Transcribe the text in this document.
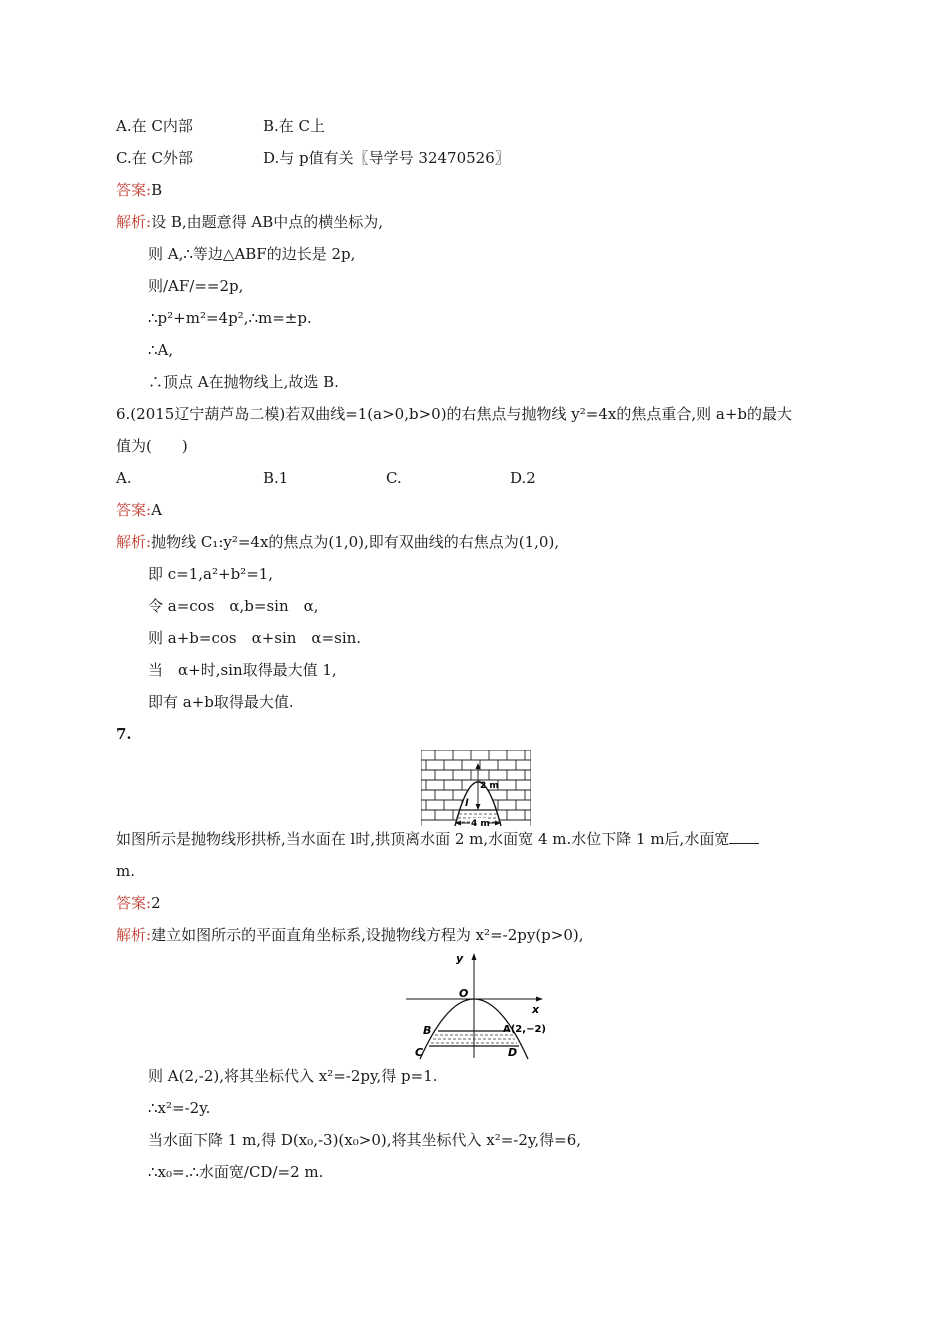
A.在 C内部	B.在 C上
C.在 C外部	D.与 p值有关〖导学号 32470526〗
答案:B
解析:设 B,由题意得 AB中点的横坐标为,
则 A,∴等边△ABF的边长是 2p,
则/AF/==2p,
∴p²+m²=4p²,∴m=±p.
∴A,
∴顶点 A在抛物线上,故选 B.
6.(2015辽宁葫芦岛二模)若双曲线=1(a>0,b>0)的右焦点与抛物线 y²=4x的焦点重合,则 a+b的最大
值为(　　)
A.	B.1	C.	D.2
答案:A
解析:抛物线 C₁:y²=4x的焦点为(1,0),即有双曲线的右焦点为(1,0),
即 c=1,a²+b²=1,
令 a=cos　α,b=sin　α,
则 a+b=cos　α+sin　α=sin.
当　α+时,sin取得最大值 1,
即有 a+b取得最大值.
7.
2 m
l
4 m
如图所示是抛物线形拱桥,当水面在 l时,拱顶离水面 2 m,水面宽 4 m.水位下降 1 m后,水面宽
m.
答案:2
解析:建立如图所示的平面直角坐标系,设抛物线方程为 x²=-2py(p>0),
y
x
O
A(2,−2)
B
C	D
则 A(2,-2),将其坐标代入 x²=-2py,得 p=1.
∴x²=-2y.
当水面下降 1 m,得 D(x₀,-3)(x₀>0),将其坐标代入 x²=-2y,得=6,
∴x₀=.∴水面宽/CD/=2 m.
